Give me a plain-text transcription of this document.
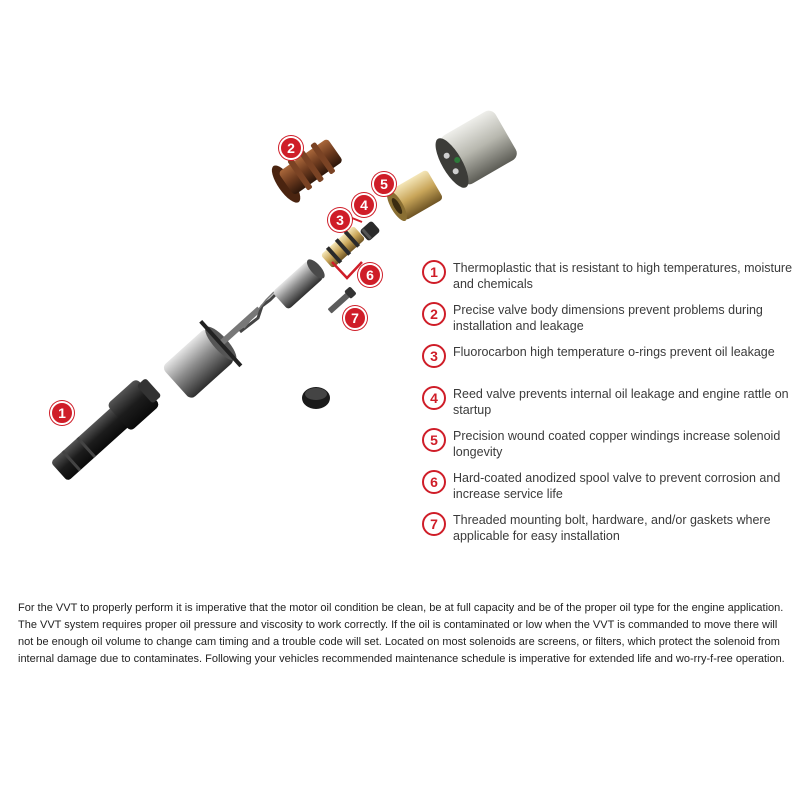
1
2
3
4
5
6
7
1	Thermoplastic that is resistant to high temperatures, moisture and chemicals
2	Precise valve body dimensions prevent problems during installation and leakage
3	Fluorocarbon high temperature o-rings prevent oil leakage
4	Reed valve prevents internal oil leakage and engine rattle on startup
5	Precision wound coated copper windings increase solenoid longevity
6	Hard-coated anodized spool valve to prevent corrosion and increase service life
7	Threaded mounting bolt, hardware, and/or gaskets where applicable for easy installation
For the VVT to properly perform it is imperative that the motor oil condition be clean, be at full capacity and be of the proper oil type for the engine application. The VVT system requires proper oil pressure and viscosity to work correctly. If the oil is contaminated or low when the VVT is commanded to move there will not be enough oil volume to change cam timing and a trouble code will set. Located on most solenoids are screens, or filters, which protect the solenoid from internal damage due to contaminates. Following your vehicles recommended maintenance schedule is imperative for extended life and wo-rry-f-ree operation.
